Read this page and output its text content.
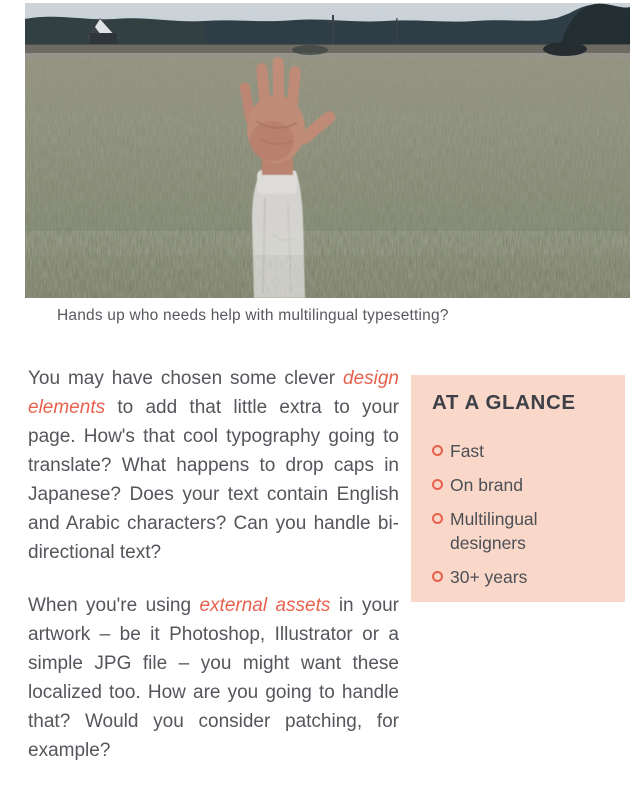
Hands up who needs help with multilingual typesetting?

You may have chosen some clever design elements to add that little extra to your page. How's that cool typography going to translate? What happens to drop caps in Japanese? Does your text contain English and Arabic characters? Can you handle bi-directional text?

When you're using external assets in your artwork – be it Photoshop, Illustrator or a simple JPG file – you might want these localized too. How are you going to handle that? Would you consider patching, for example?

AT A GLANCE
Fast
On brand
Multilingual designers
30+ years
